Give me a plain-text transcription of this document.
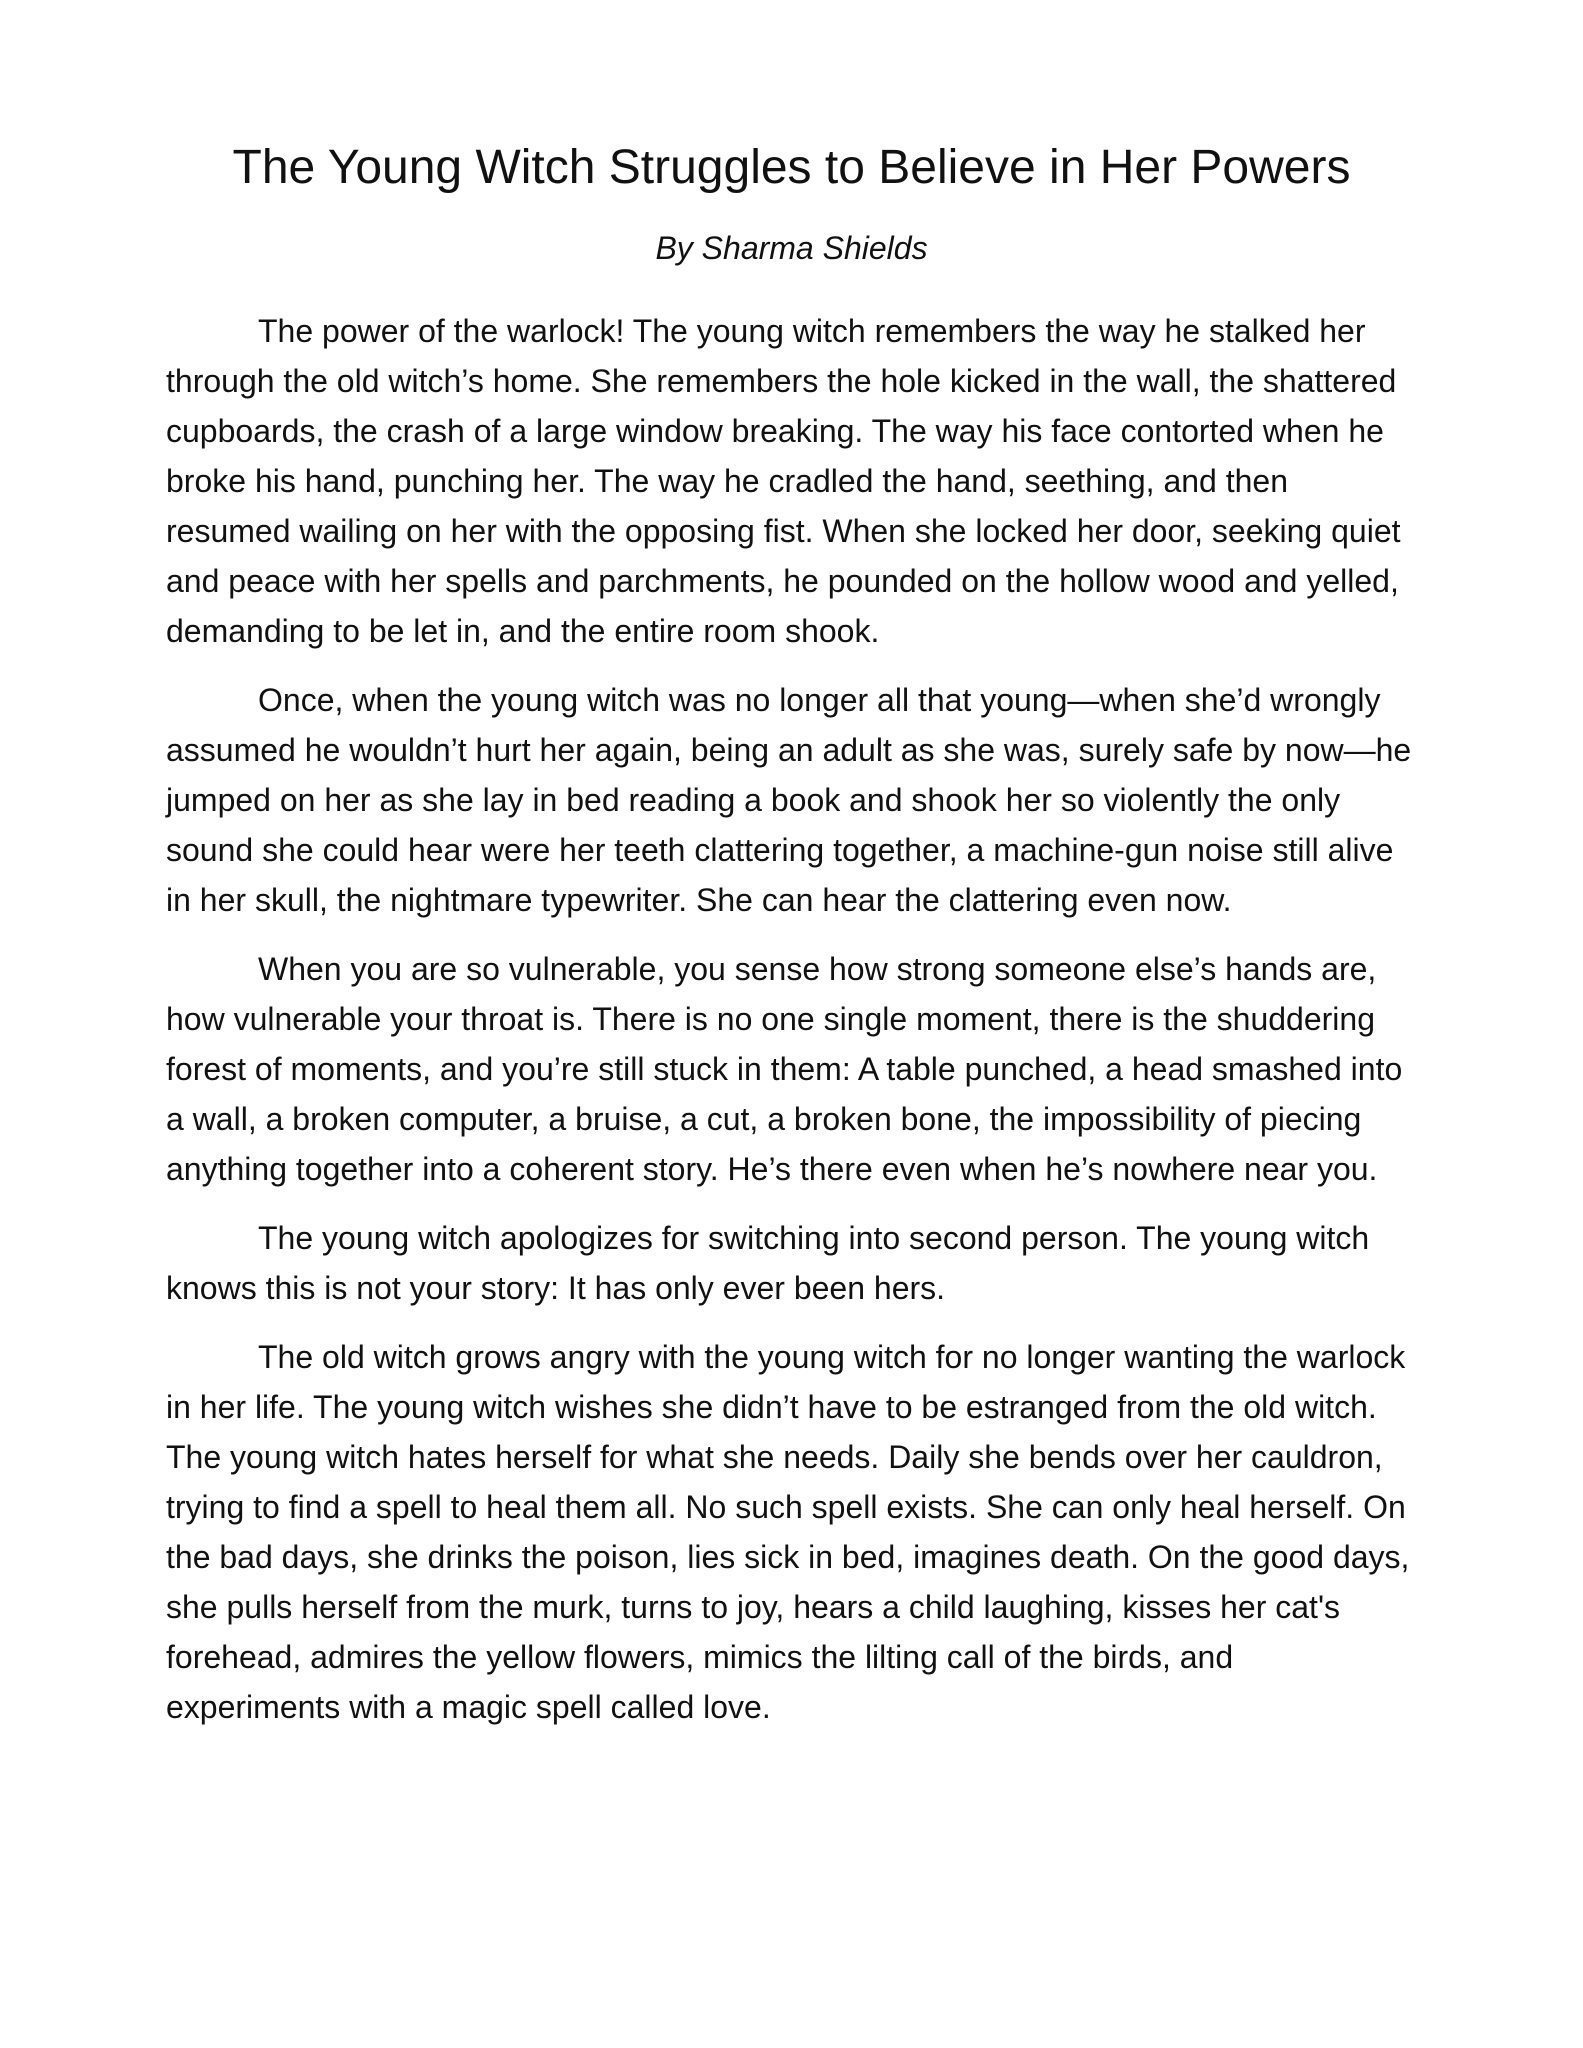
The Young Witch Struggles to Believe in Her Powers

By Sharma Shields

The power of the warlock! The young witch remembers the way he stalked her through the old witch’s home. She remembers the hole kicked in the wall, the shattered cupboards, the crash of a large window breaking. The way his face contorted when he broke his hand, punching her. The way he cradled the hand, seething, and then resumed wailing on her with the opposing fist. When she locked her door, seeking quiet and peace with her spells and parchments, he pounded on the hollow wood and yelled, demanding to be let in, and the entire room shook.

Once, when the young witch was no longer all that young—when she’d wrongly assumed he wouldn’t hurt her again, being an adult as she was, surely safe by now—he jumped on her as she lay in bed reading a book and shook her so violently the only sound she could hear were her teeth clattering together, a machine-gun noise still alive in her skull, the nightmare typewriter. She can hear the clattering even now.

When you are so vulnerable, you sense how strong someone else’s hands are, how vulnerable your throat is. There is no one single moment, there is the shuddering forest of moments, and you’re still stuck in them: A table punched, a head smashed into a wall, a broken computer, a bruise, a cut, a broken bone, the impossibility of piecing anything together into a coherent story. He’s there even when he’s nowhere near you.

The young witch apologizes for switching into second person. The young witch knows this is not your story: It has only ever been hers.

The old witch grows angry with the young witch for no longer wanting the warlock in her life. The young witch wishes she didn’t have to be estranged from the old witch. The young witch hates herself for what she needs. Daily she bends over her cauldron, trying to find a spell to heal them all. No such spell exists. She can only heal herself. On the bad days, she drinks the poison, lies sick in bed, imagines death. On the good days, she pulls herself from the murk, turns to joy, hears a child laughing, kisses her cat's forehead, admires the yellow flowers, mimics the lilting call of the birds, and experiments with a magic spell called love.
